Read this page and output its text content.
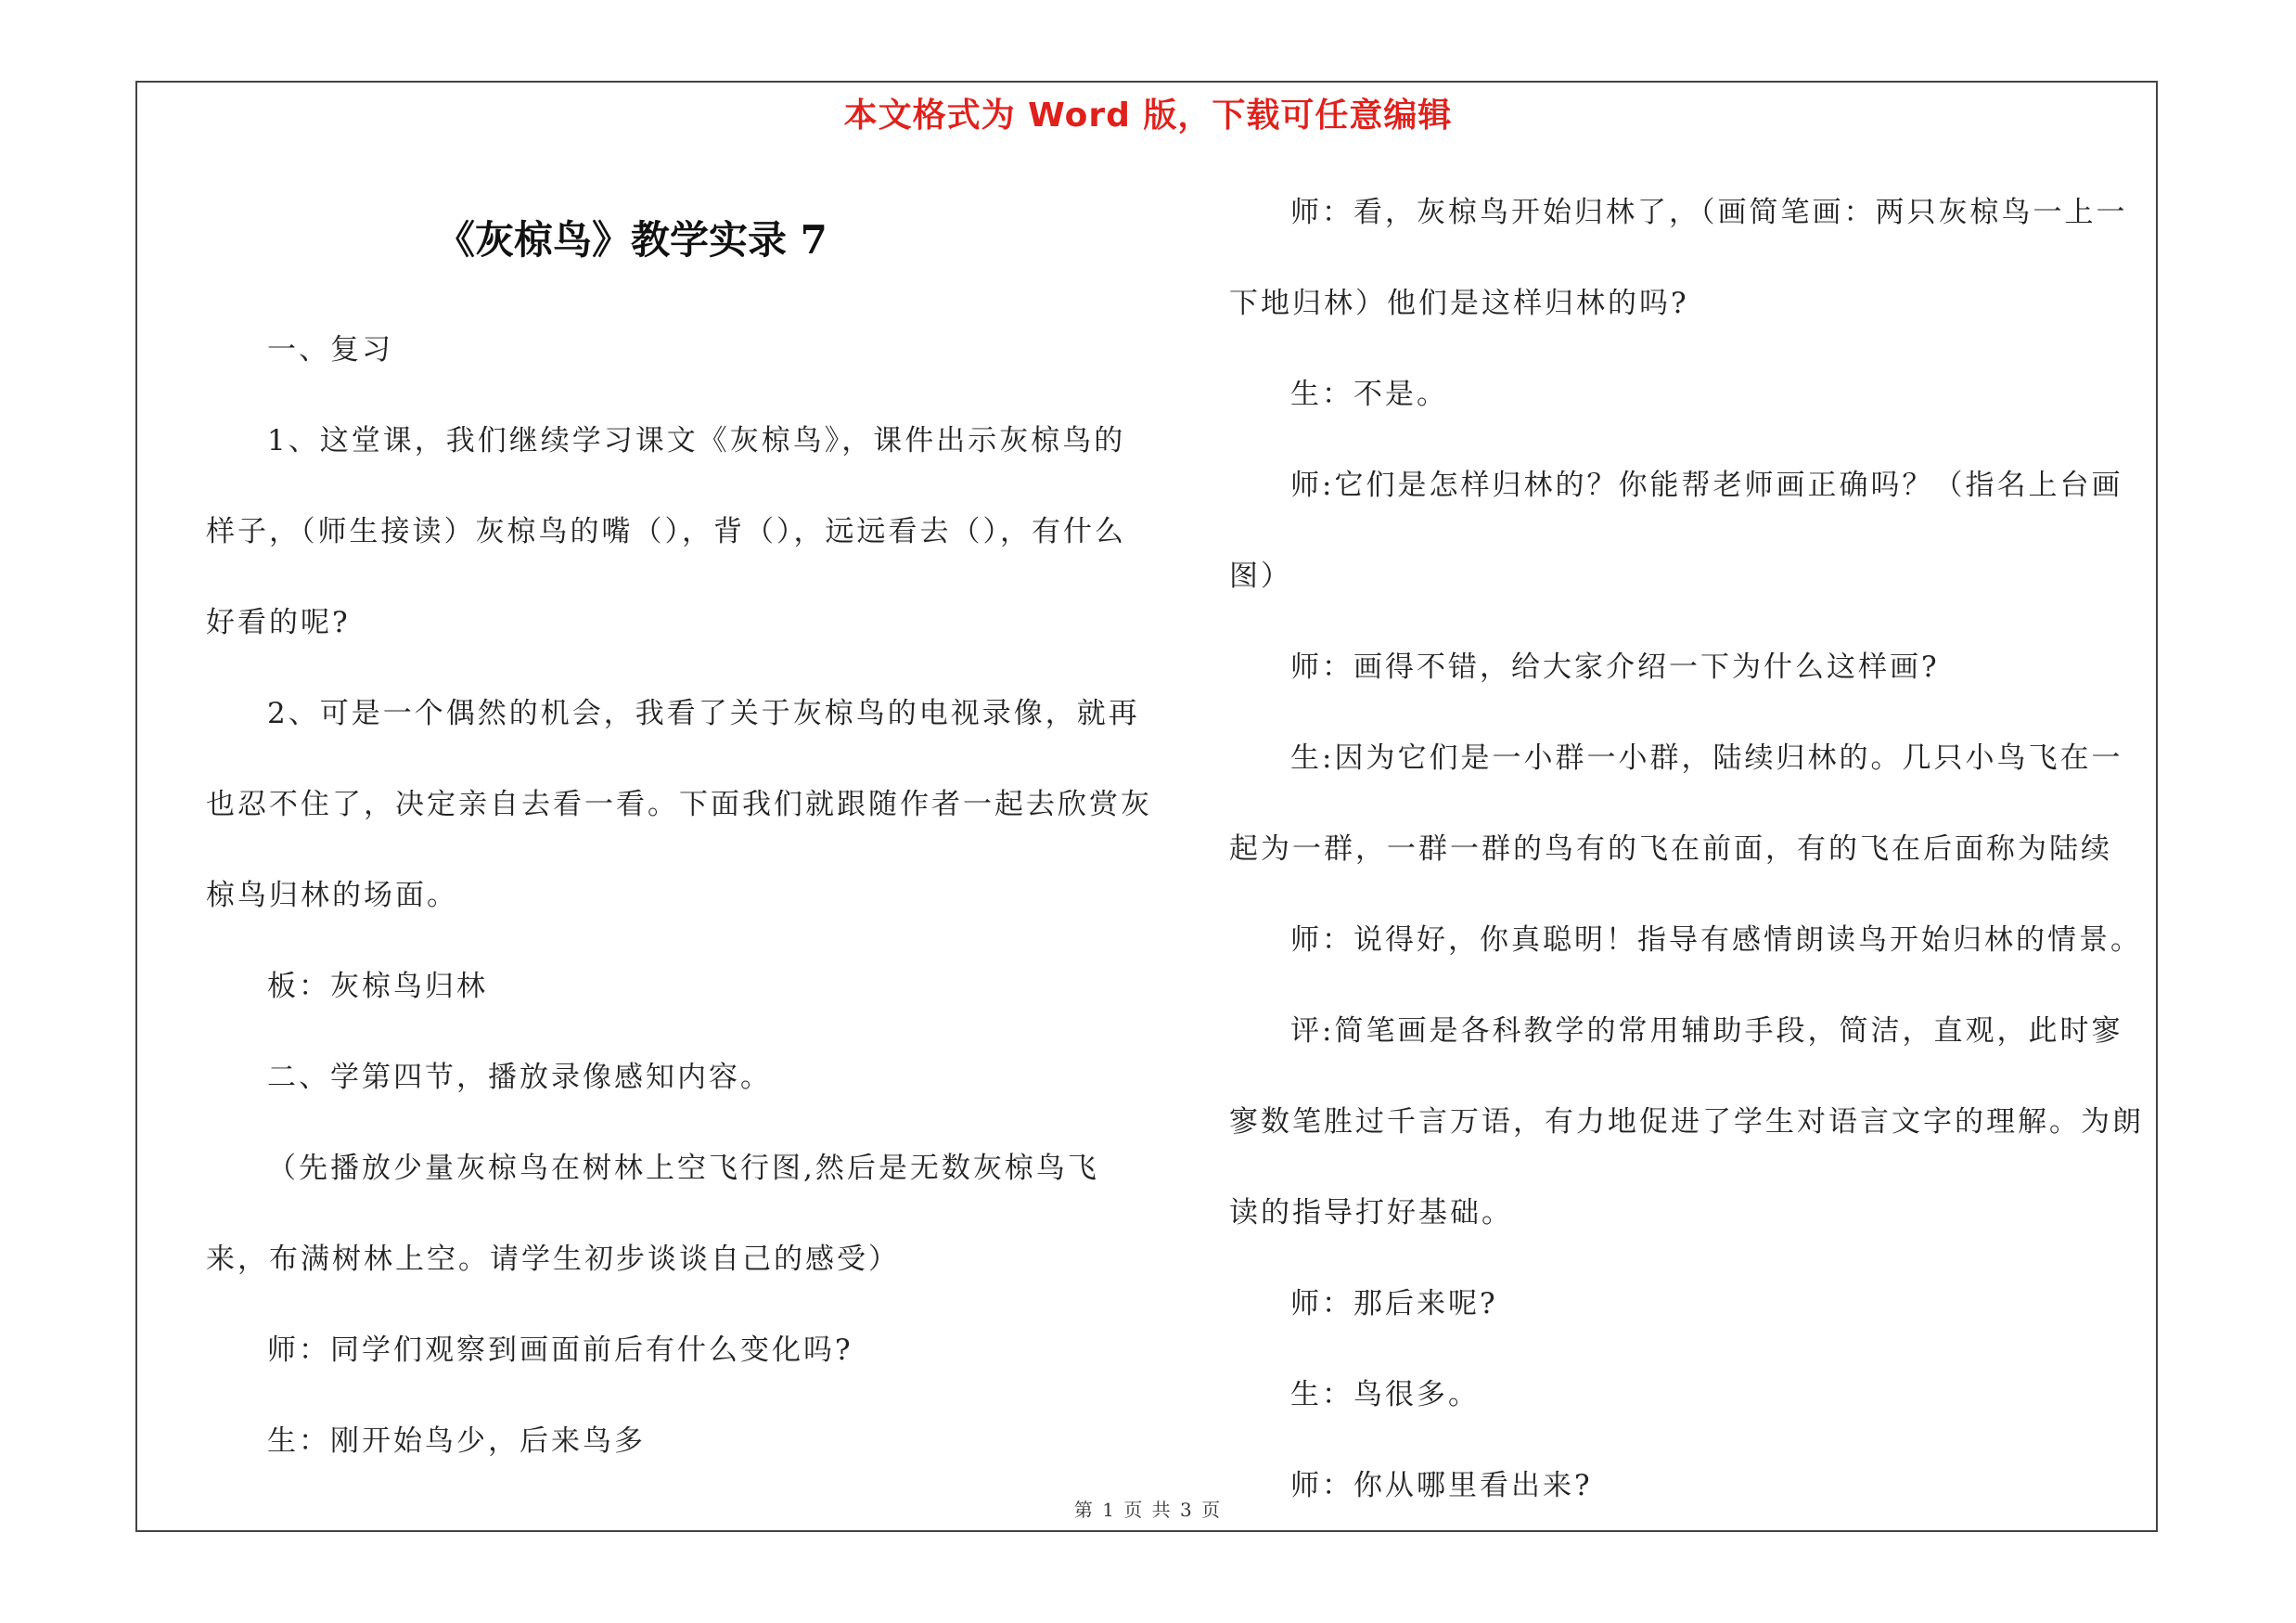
本文格式为 Word 版，下载可任意编辑
《灰椋鸟》教学实录 7

一、复习

1、这堂课，我们继续学习课文《灰椋鸟》，课件出示灰椋鸟的样子，（师生接读）灰椋鸟的嘴（），背（），远远看去（），有什么好看的呢?

2、可是一个偶然的机会，我看了关于灰椋鸟的电视录像，就再也忍不住了，决定亲自去看一看。下面我们就跟随作者一起去欣赏灰椋鸟归林的场面。

板：灰椋鸟归林

二、学第四节，播放录像感知内容。

（先播放少量灰椋鸟在树林上空飞行图,然后是无数灰椋鸟飞来，布满树林上空。请学生初步谈谈自己的感受）

师：同学们观察到画面前后有什么变化吗?

生：刚开始鸟少，后来鸟多

师：看，灰椋鸟开始归林了，（画简笔画：两只灰椋鸟一上一下地归林）他们是这样归林的吗?

生：不是。

师:它们是怎样归林的？你能帮老师画正确吗？（指名上台画图）

师：画得不错，给大家介绍一下为什么这样画?

生:因为它们是一小群一小群，陆续归林的。几只小鸟飞在一起为一群，一群一群的鸟有的飞在前面，有的飞在后面称为陆续

师：说得好，你真聪明！指导有感情朗读鸟开始归林的情景。

评:简笔画是各科教学的常用辅助手段，简洁，直观，此时寥寥数笔胜过千言万语，有力地促进了学生对语言文字的理解。为朗读的指导打好基础。

师：那后来呢?

生：鸟很多。

师：你从哪里看出来?

第 1 页 共 3 页
